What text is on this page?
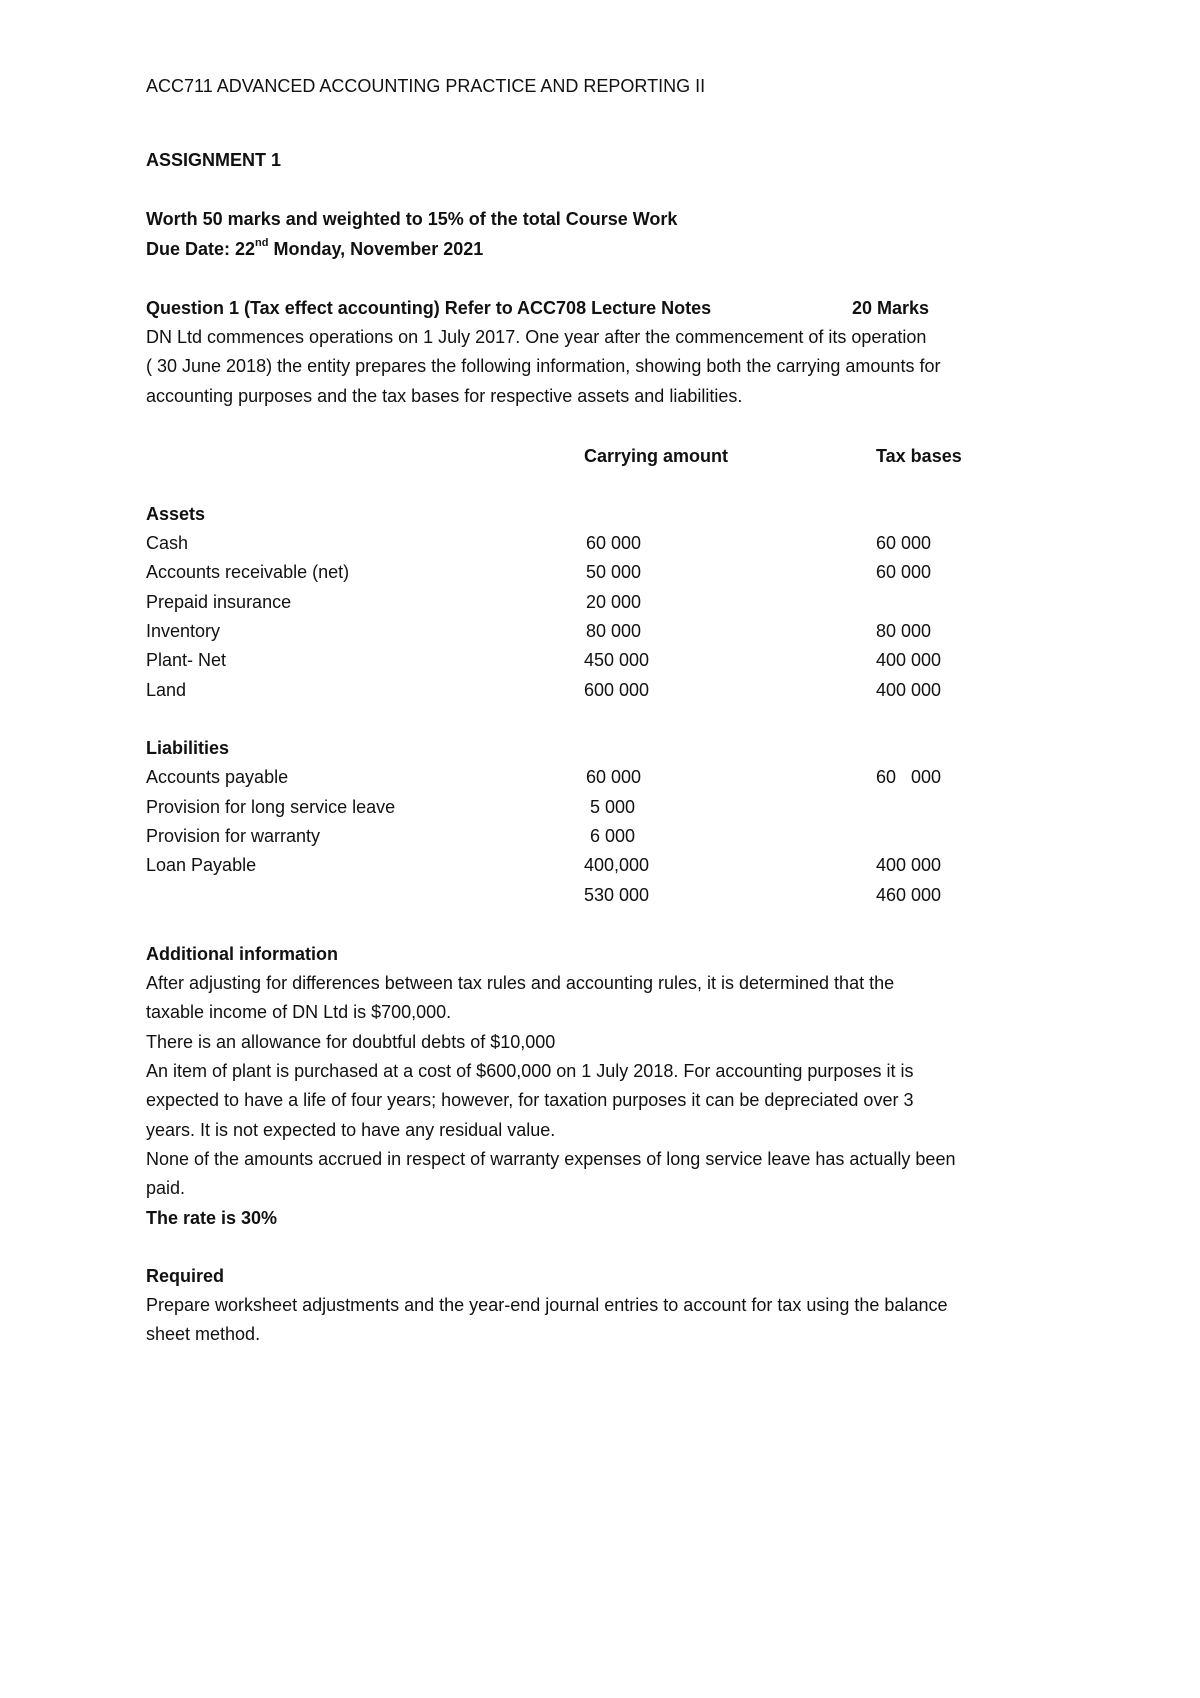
ACC711 ADVANCED ACCOUNTING PRACTICE AND REPORTING II
ASSIGNMENT 1
Worth 50 marks and weighted to 15% of the total Course Work
Due Date: 22nd Monday, November 2021
Question 1 (Tax effect accounting) Refer to ACC708 Lecture Notes	20 Marks
DN Ltd commences operations on 1 July 2017. One year after the commencement of its operation
( 30 June 2018) the entity prepares the following information, showing both the carrying amounts for
accounting purposes and the tax bases for respective assets and liabilities.
Carrying amount	Tax bases
Assets
Cash	60 000	60 000
Accounts receivable (net)	50 000	60 000
Prepaid insurance	20 000
Inventory	80 000	80 000
Plant- Net	450 000	400 000
Land	600 000	400 000
Liabilities
Accounts payable	60 000	60   000
Provision for long service leave	5 000
Provision for warranty	6 000
Loan Payable	400,000	400 000
530 000	460 000
Additional information
After adjusting for differences between tax rules and accounting rules, it is determined that the
taxable income of DN Ltd is $700,000.
There is an allowance for doubtful debts of $10,000
An item of plant is purchased at a cost of $600,000 on 1 July 2018. For accounting purposes it is
expected to have a life of four years; however, for taxation purposes it can be depreciated over 3
years. It is not expected to have any residual value.
None of the amounts accrued in respect of warranty expenses of long service leave has actually been
paid.
The rate is 30%
Required
Prepare worksheet adjustments and the year-end journal entries to account for tax using the balance
sheet method.
